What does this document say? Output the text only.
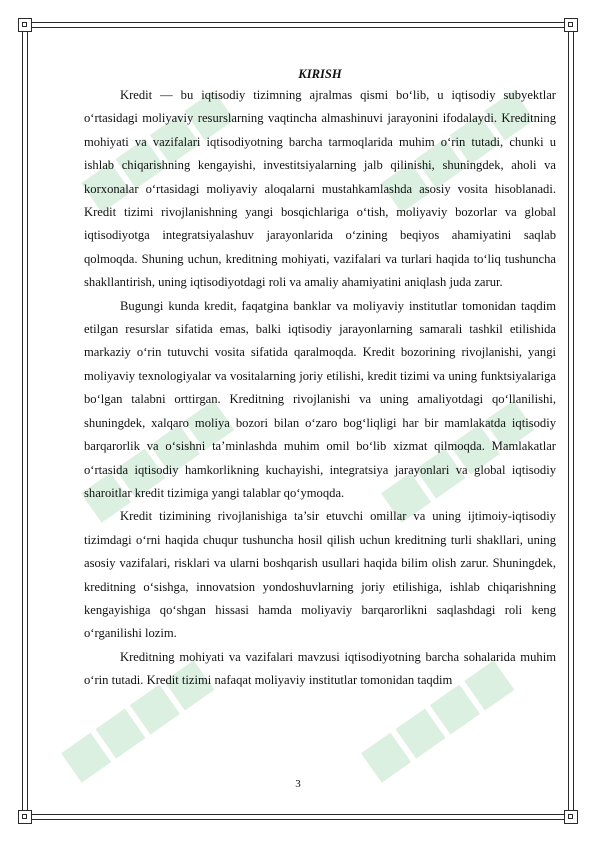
KIRISH

Kredit — bu iqtisodiy tizimning ajralmas qismi bo‘lib, u iqtisodiy subyektlar o‘rtasidagi moliyaviy resurslarning vaqtincha almashinuvi jarayonini ifodalaydi. Kreditning mohiyati va vazifalari iqtisodiyotning barcha tarmoqlarida muhim o‘rin tutadi, chunki u ishlab chiqarishning kengayishi, investitsiyalarning jalb qilinishi, shuningdek, aholi va korxonalar o‘rtasidagi moliyaviy aloqalarni mustahkamlashda asosiy vosita hisoblanadi. Kredit tizimi rivojlanishning yangi bosqichlariga o‘tish, moliyaviy bozorlar va global iqtisodiyotga integratsiyalashuv jarayonlarida o‘zining beqiyos ahamiyatini saqlab qolmoqda. Shuning uchun, kreditning mohiyati, vazifalari va turlari haqida to‘liq tushuncha shakllantirish, uning iqtisodiyotdagi roli va amaliy ahamiyatini aniqlash juda zarur.

Bugungi kunda kredit, faqatgina banklar va moliyaviy institutlar tomonidan taqdim etilgan resurslar sifatida emas, balki iqtisodiy jarayonlarning samarali tashkil etilishida markaziy o‘rin tutuvchi vosita sifatida qaralmoqda. Kredit bozorining rivojlanishi, yangi moliyaviy texnologiyalar va vositalarning joriy etilishi, kredit tizimi va uning funktsiyalariga bo‘lgan talabni orttirgan. Kreditning rivojlanishi va uning amaliyotdagi qo‘llanilishi, shuningdek, xalqaro moliya bozori bilan o‘zaro bog‘liqligi har bir mamlakatda iqtisodiy barqarorlik va o‘sishni ta’minlashda muhim omil bo‘lib xizmat qilmoqda. Mamlakatlar o‘rtasida iqtisodiy hamkorlikning kuchayishi, integratsiya jarayonlari va global iqtisodiy sharoitlar kredit tizimiga yangi talablar qo‘ymoqda.

Kredit tizimining rivojlanishiga ta’sir etuvchi omillar va uning ijtimoiy-iqtisodiy tizimdagi o‘rni haqida chuqur tushuncha hosil qilish uchun kreditning turli shakllari, uning asosiy vazifalari, risklari va ularni boshqarish usullari haqida bilim olish zarur. Shuningdek, kreditning o‘sishga, innovatsion yondoshuvlarning joriy etilishiga, ishlab chiqarishning kengayishiga qo‘shgan hissasi hamda moliyaviy barqarorlikni saqlashdagi roli keng o‘rganilishi lozim.

Kreditning mohiyati va vazifalari mavzusi iqtisodiyotning barcha sohalarida muhim o‘rin tutadi. Kredit tizimi nafaqat moliyaviy institutlar tomonidan taqdim

3
